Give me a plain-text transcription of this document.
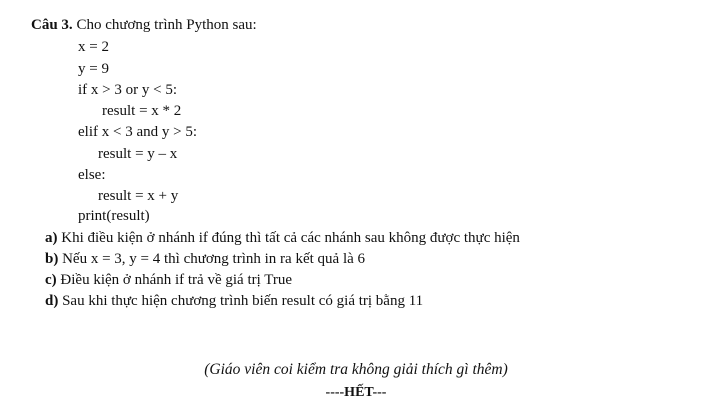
Câu 3. Cho chương trình Python sau:
x = 2
y = 9
if x > 3 or y < 5:
result = x * 2
elif x < 3 and y > 5:
result = y – x
else:
result = x + y
print(result)
a) Khi điều kiện ở nhánh if đúng thì tất cả các nhánh sau không được thực hiện
b) Nếu x = 3, y = 4 thì chương trình in ra kết quả là 6
c) Điều kiện ở nhánh if trả về giá trị True
d) Sau khi thực hiện chương trình biến result có giá trị bằng 11
(Giáo viên coi kiểm tra không giải thích gì thêm)
----HẾT---
